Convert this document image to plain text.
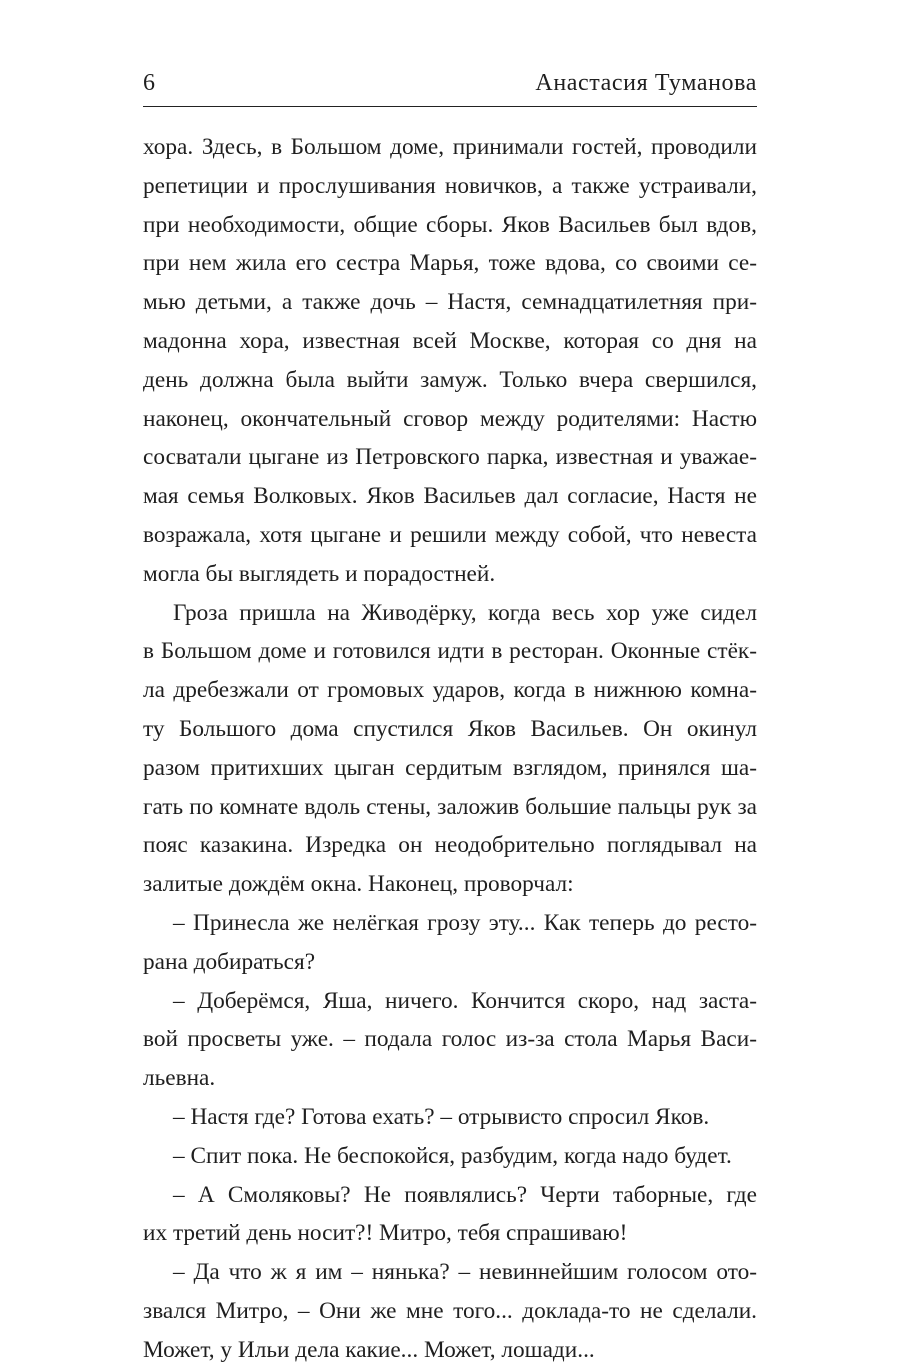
6	Анастасия Туманова
хора. Здесь, в Большом доме, принимали гостей, проводили
репетиции и прослушивания новичков, а также устраивали,
при необходимости, общие сборы. Яков Васильев был вдов,
при нем жила его сестра Марья, тоже вдова, со своими се-
мью детьми, а также дочь – Настя, семнадцатилетняя при-
мадонна хора, известная всей Москве, которая со дня на
день должна была выйти замуж. Только вчера свершился,
наконец, окончательный сговор между родителями: Настю
сосватали цыгане из Петровского парка, известная и уважае-
мая семья Волковых. Яков Васильев дал согласие, Настя не
возражала, хотя цыгане и решили между собой, что невеста
могла бы выглядеть и порадостней.
Гроза пришла на Живодёрку, когда весь хор уже сидел
в Большом доме и готовился идти в ресторан. Оконные стёк-
ла дребезжали от громовых ударов, когда в нижнюю комна-
ту Большого дома спустился Яков Васильев. Он окинул
разом притихших цыган сердитым взглядом, принялся ша-
гать по комнате вдоль стены, заложив большие пальцы рук за
пояс казакина. Изредка он неодобрительно поглядывал на
залитые дождём окна. Наконец, проворчал:
– Принесла же нелёгкая грозу эту... Как теперь до ресто-
рана добираться?
– Доберёмся, Яша, ничего. Кончится скоро, над застa-
вой просветы уже. – подала голос из-за стола Марья Васи-
льевна.
– Настя где? Готова ехать? – отрывисто спросил Яков.
– Спит пока. Не беспокойся, разбудим, когда надо будет.
– А Смоляковы? Не появлялись? Черти таборные, где
их третий день носит?! Митро, тебя спрашиваю!
– Да что ж я им – нянька? – невиннейшим голосом ото-
звался Митро, – Они же мне того... доклада-то не сделали.
Может, у Ильи дела какие... Может, лошади...
